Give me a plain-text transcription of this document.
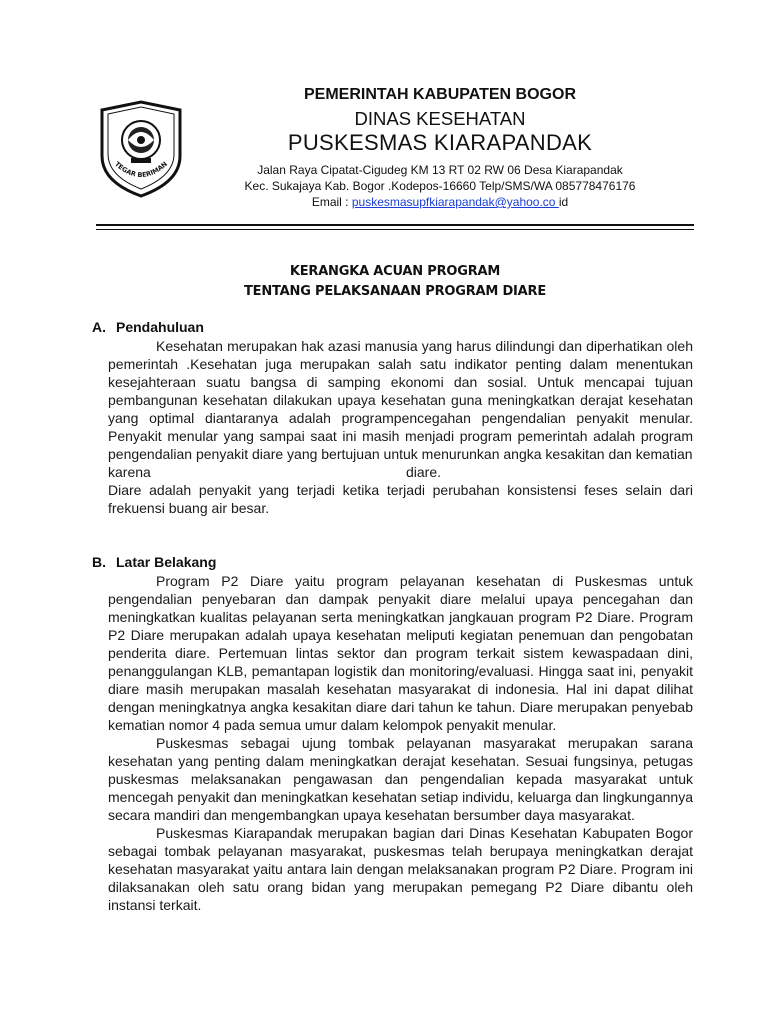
TEGAR BERIMAN
PEMERINTAH KABUPATEN BOGOR
DINAS KESEHATAN
PUSKESMAS KIARAPANDAK
Jalan Raya Cipatat-Cigudeg KM 13 RT 02 RW 06 Desa Kiarapandak
Kec. Sukajaya Kab. Bogor .Kodepos-16660 Telp/SMS/WA 085778476176
Email : puskesmasupfkiarapandak@yahoo.co id
KERANGKA ACUAN PROGRAM
TENTANG PELAKSANAAN PROGRAM DIARE
A. Pendahuluan

Kesehatan merupakan hak azasi manusia yang harus dilindungi dan diperhatikan oleh pemerintah .Kesehatan juga merupakan salah satu indikator penting dalam menentukan kesejahteraan suatu bangsa di samping ekonomi dan sosial. Untuk mencapai tujuan pembangunan kesehatan dilakukan upaya kesehatan guna meningkatkan derajat kesehatan yang optimal diantaranya adalah programpencegahan pengendalian penyakit menular. Penyakit menular yang sampai saat ini masih menjadi program pemerintah adalah program pengendalian penyakit diare yang bertujuan untuk menurunkan angka kesakitan dan kematian

karena	diare.

Diare adalah penyakit yang terjadi ketika terjadi perubahan konsistensi feses selain dari frekuensi buang air besar.

B. Latar Belakang

Program P2 Diare yaitu program pelayanan kesehatan di Puskesmas untuk pengendalian penyebaran dan dampak penyakit diare melalui upaya pencegahan dan meningkatkan kualitas pelayanan serta meningkatkan jangkauan program P2 Diare. Program P2 Diare merupakan adalah upaya kesehatan meliputi kegiatan penemuan dan pengobatan penderita diare. Pertemuan lintas sektor dan program terkait sistem kewaspadaan dini, penanggulangan KLB, pemantapan logistik dan monitoring/evaluasi. Hingga saat ini, penyakit diare masih merupakan masalah kesehatan masyarakat di indonesia. Hal ini dapat dilihat dengan meningkatnya angka kesakitan diare dari tahun ke tahun. Diare merupakan penyebab kematian nomor 4 pada semua umur dalam kelompok penyakit menular.

Puskesmas sebagai ujung tombak pelayanan masyarakat merupakan sarana kesehatan yang penting dalam meningkatkan derajat kesehatan. Sesuai fungsinya, petugas puskesmas melaksanakan pengawasan dan pengendalian kepada masyarakat untuk mencegah penyakit dan meningkatkan kesehatan setiap individu, keluarga dan lingkungannya secara mandiri dan mengembangkan upaya kesehatan bersumber daya masyarakat.

Puskesmas Kiarapandak merupakan bagian dari Dinas Kesehatan Kabupaten Bogor sebagai tombak pelayanan masyarakat, puskesmas telah berupaya meningkatkan derajat kesehatan masyarakat yaitu antara lain dengan melaksanakan program P2 Diare. Program ini dilaksanakan oleh satu orang bidan yang merupakan pemegang P2 Diare dibantu oleh instansi terkait.
